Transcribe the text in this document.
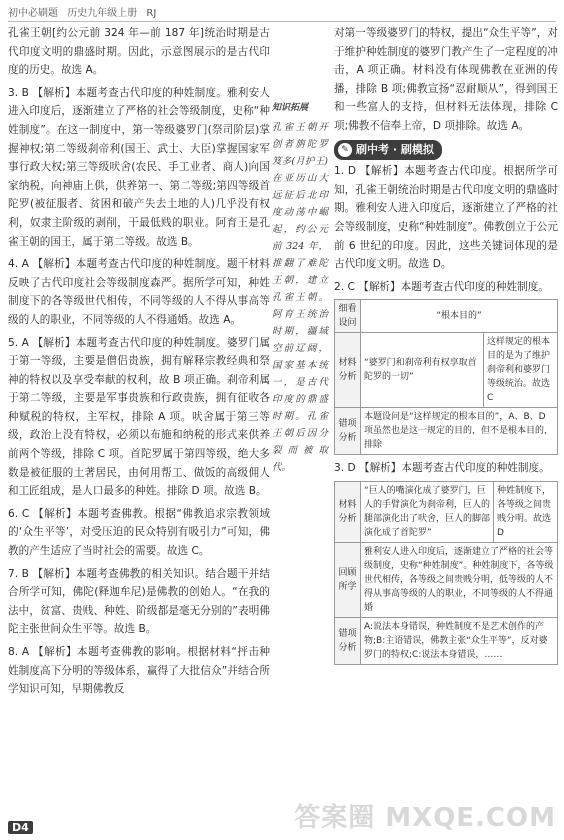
初中必刷题 历史九年级上册 RJ

孔雀王朝[约公元前 324 年—前 187 年]统治时期是古代印度文明的鼎盛时期。因此，示意图展示的是古代印度的历史。故选 A。

3. B 【解析】本题考查古代印度的种姓制度。雅利安人进入印度后，逐渐建立了严格的社会等级制度，史称“种姓制度”。在这一制度中，第一等级婆罗门(祭司阶层)掌握神权;第二等级刹帝利(国王、武士、大臣)掌握国家军事行政大权;第三等级吠舍(农民、手工业者、商人)向国家纳税，向神庙上供，供养第一、第二等级;第四等级首陀罗(被征服者、贫困和破产失去土地的人)几乎没有权利，奴隶主阶级的剥削，干最低贱的职业。阿育王是孔雀王朝的国王，属于第二等级。故选 B。

4. A 【解析】本题考查古代印度的种姓制度。题干材料反映了古代印度社会等级制度森严。据所学可知，种姓制度下的各等级世代相传，不同等级的人不得从事高等级的人的职业，不同等级的人不得通婚。故选 A。

5. A 【解析】本题考查古代印度的种姓制度。婆罗门属于第一等级，主要是僧侣贵族，拥有解释宗教经典和祭神的特权以及享受奉献的权利，故 B 项正确。刹帝利属于第二等级，主要是军事贵族和行政贵族，拥有征收各种赋税的特权，主军权，排除 A 项。吠舍属于第三等级，政治上没有特权，必须以布施和纳税的形式来供养前两个等级，排除 C 项。首陀罗属于第四等级，绝大多数是被征服的土著居民，由何用帮工、做饭的高级佣人和工匠组成，是人口最多的种姓。排除 D 项。故选 B。

6. C 【解析】本题考查佛教。根据“佛教追求宗教领域的‘众生平等’，对受压迫的民众特别有吸引力”可知，佛教的产生适应了当时社会的需要。故选 C。

7. B 【解析】本题考查佛教的相关知识。结合题干并结合所学可知，佛陀(释迦牟尼)是佛教的创始人。“在我的法中，贫富、贵贱、种姓、阶级都是毫无分别的”表明佛陀主张世间众生平等。故选 B。

8. A 【解析】本题考查佛教的影响。根据材料“抨击种姓制度高下分明的等级体系，赢得了大批信众”并结合所学知识可知，早期佛教反

知识拓展

孔雀王朝开创者旃陀罗笈多(月护王)在亚历山大远征后北印度动荡中崛起，约公元前 324 年，推翻了难陀王朝，建立孔雀王朝。阿育王统治时期，疆域空前辽阔，国家基本统一，是古代印度的鼎盛时期。孔雀王朝后因分裂而被取代。

对第一等级婆罗门的特权，提出“众生平等”，对于维护种姓制度的婆罗门教产生了一定程度的冲击，A 项正确。材料没有体现佛教在亚洲的传播，排除 B 项;佛教宣扬“忍耐顺从”，得到国王和一些富人的支持，但材料无法体现，排除 C 项;佛教不信奉上帝，D 项排除。故选 A。

✎ 刷中考 · 刷模拟

1. D 【解析】本题考查古代印度。根据所学可知，孔雀王朝统治时期是古代印度文明的鼎盛时期。雅利安人进入印度后，逐渐建立了严格的社会等级制度，史称“种姓制度”。佛教创立于公元前 6 世纪的印度。因此，这些关键词体现的是古代印度文明。故选 D。

2. C 【解析】本题考查古代印度的种姓制度。

细看设问	“根本目的”	
材料分析	“婆罗门和刹帝利有权享取首陀罗的一切”	这样规定的根本目的是为了维护刹帝利和婆罗门等级统治。故选 C
错项分析	本题设问是“这样规定的根本目的”，A、B、D 项虽然也是这一规定的目的，但不是根本目的，排除	

3. D 【解析】本题考查古代印度的种姓制度。

材料分析	“巨人的嘴演化成了婆罗门，巨人的手臂演化为刹帝利，巨人的腿部演化出了吠舍，巨人的脚部演化成了首陀罗”	种姓制度下，各等级之间贵贱分明。故选 D
回顾所学	雅利安人进入印度后，逐渐建立了严格的社会等级制度，史称“种姓制度”。种姓制度下，各等级世代相传，各等级之间贵贱分明，低等级的人不得从事高等级的人的职业，不同等级的人不得通婚	
错项分析	A:说法本身错误，种姓制度不是艺术创作的产物;B:主语错误，佛教主张“众生平等”，反对婆罗门的特权;C:说法本身错误，……	
D4	答案圈 MXQE.COM
